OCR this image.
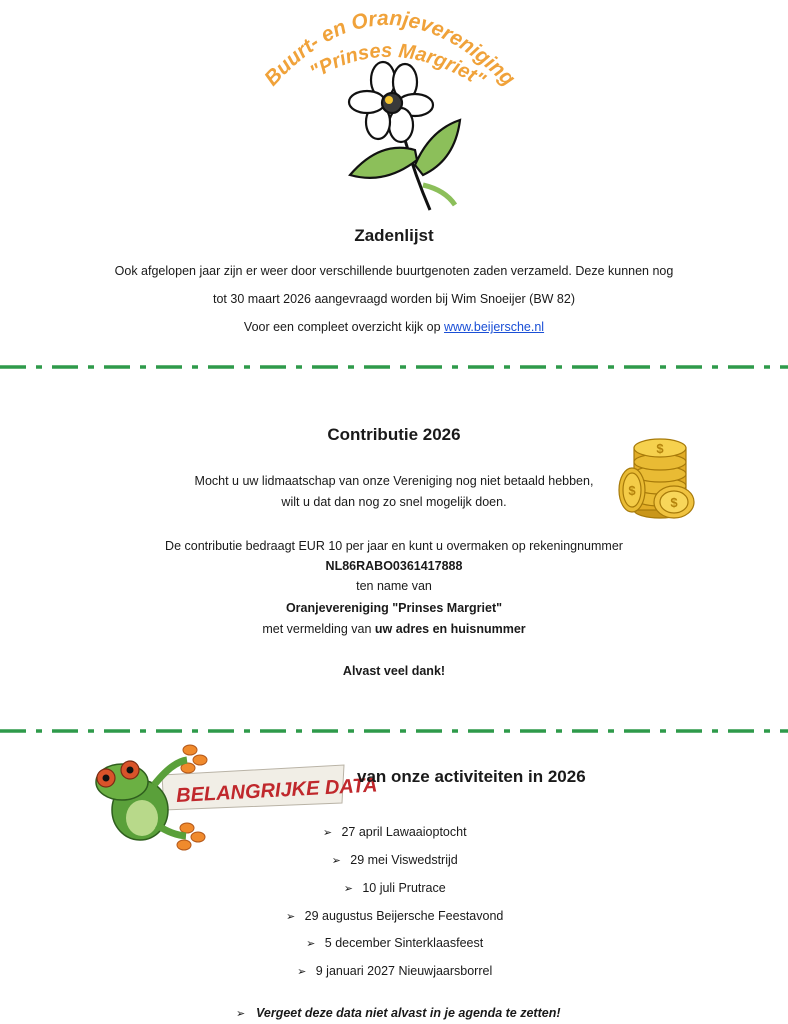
Buurt- en Oranjevereniging
"Prinses Margriet"
Zadenlijst
Ook afgelopen jaar zijn er weer door verschillende buurtgenoten zaden verzameld. Deze kunnen nog
tot 30 maart 2026 aangevraagd worden bij Wim Snoeijer (BW 82)
Voor een compleet overzicht kijk op www.beijersche.nl
Contributie 2026
$
$
$
Mocht u uw lidmaatschap van onze Vereniging nog niet betaald hebben,
wilt u dat dan nog zo snel mogelijk doen.
De contributie bedraagt EUR 10 per jaar en kunt u overmaken op rekeningnummer
NL86RABO0361417888
ten name van
Oranjevereniging "Prinses Margriet"
met vermelding van uw adres en huisnummer
Alvast veel dank!
BELANGRIJKE DATA
van onze activiteiten in 2026
➢ 27 april Lawaaioptocht
➢ 29 mei Viswedstrijd
➢ 10 juli Prutrace
➢ 29 augustus Beijersche Feestavond
➢ 5 december Sinterklaasfeest
➢ 9 januari 2027 Nieuwjaarsborrel
➢ Vergeet deze data niet alvast in je agenda te zetten!
